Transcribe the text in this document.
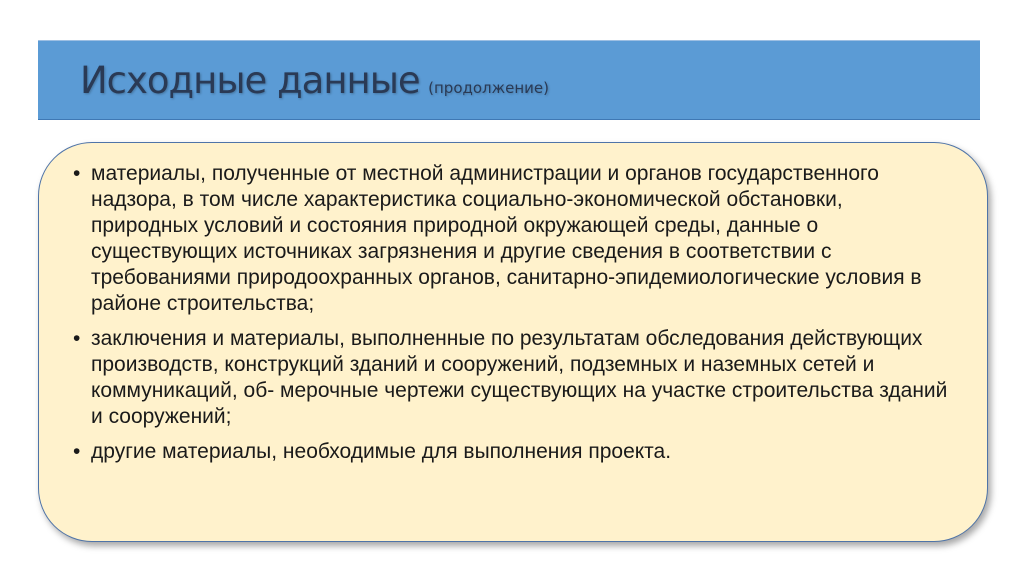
Исходные данные (продолжение)
• материалы, полученные от местной администрации и органов государственного надзора, в том числе характеристика социально-экономической обстановки, природных условий и состояния природной окружающей среды, данные о существующих источниках загрязнения и другие сведения в соответствии с требованиями природоохранных органов, санитарно-эпидемиологические условия в районе строительства;
• заключения и материалы, выполненные по результатам обследования действующих производств, конструкций зданий и сооружений, подземных и наземных сетей и коммуникаций, об- мерочные чертежи существующих на участке строительства зданий и сооружений;
• другие материалы, необходимые для выполнения проекта.
